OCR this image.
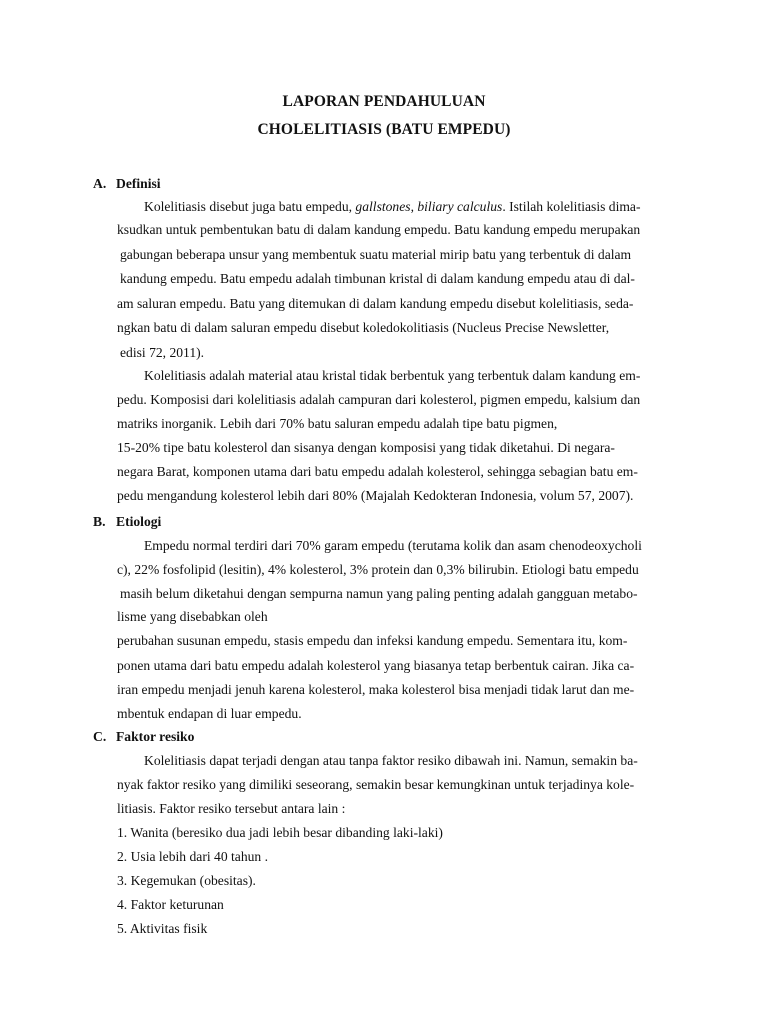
LAPORAN PENDAHULUAN
CHOLELITIASIS (BATU EMPEDU)
A. Definisi
Kolelitiasis disebut juga batu empedu, gallstones, biliary calculus. Istilah kolelitiasis dima-
ksudkan untuk pembentukan batu di dalam kandung empedu. Batu kandung empedu merupakan
gabungan beberapa unsur yang membentuk suatu material mirip batu yang terbentuk di dalam
kandung empedu. Batu empedu adalah timbunan kristal di dalam kandung empedu atau di dal-
am saluran empedu. Batu yang ditemukan di dalam kandung empedu disebut kolelitiasis, seda-
ngkan batu di dalam saluran empedu disebut koledokolitiasis (Nucleus Precise Newsletter,
edisi 72, 2011).
Kolelitiasis adalah material atau kristal tidak berbentuk yang terbentuk dalam kandung em-
pedu. Komposisi dari kolelitiasis adalah campuran dari kolesterol, pigmen empedu, kalsium dan
matriks inorganik. Lebih dari 70% batu saluran empedu adalah tipe batu pigmen,
15-20% tipe batu kolesterol dan sisanya dengan komposisi yang tidak diketahui. Di negara-
negara Barat, komponen utama dari batu empedu adalah kolesterol, sehingga sebagian batu em-
pedu mengandung kolesterol lebih dari 80% (Majalah Kedokteran Indonesia, volum 57, 2007).
B. Etiologi
Empedu normal terdiri dari 70% garam empedu (terutama kolik dan asam chenodeoxycholi
c), 22% fosfolipid (lesitin), 4% kolesterol, 3% protein dan 0,3% bilirubin. Etiologi batu empedu
masih belum diketahui dengan sempurna namun yang paling penting adalah gangguan metabo-
lisme yang disebabkan oleh
perubahan susunan empedu, stasis empedu dan infeksi kandung empedu. Sementara itu, kom-
ponen utama dari batu empedu adalah kolesterol yang biasanya tetap berbentuk cairan. Jika ca-
iran empedu menjadi jenuh karena kolesterol, maka kolesterol bisa menjadi tidak larut dan me-
mbentuk endapan di luar empedu.
C. Faktor resiko
Kolelitiasis dapat terjadi dengan atau tanpa faktor resiko dibawah ini. Namun, semakin ba-
nyak faktor resiko yang dimiliki seseorang, semakin besar kemungkinan untuk terjadinya kole-
litiasis. Faktor resiko tersebut antara lain :
1. Wanita (beresiko dua jadi lebih besar dibanding laki-laki)
2. Usia lebih dari 40 tahun .
3. Kegemukan (obesitas).
4. Faktor keturunan
5. Aktivitas fisik
